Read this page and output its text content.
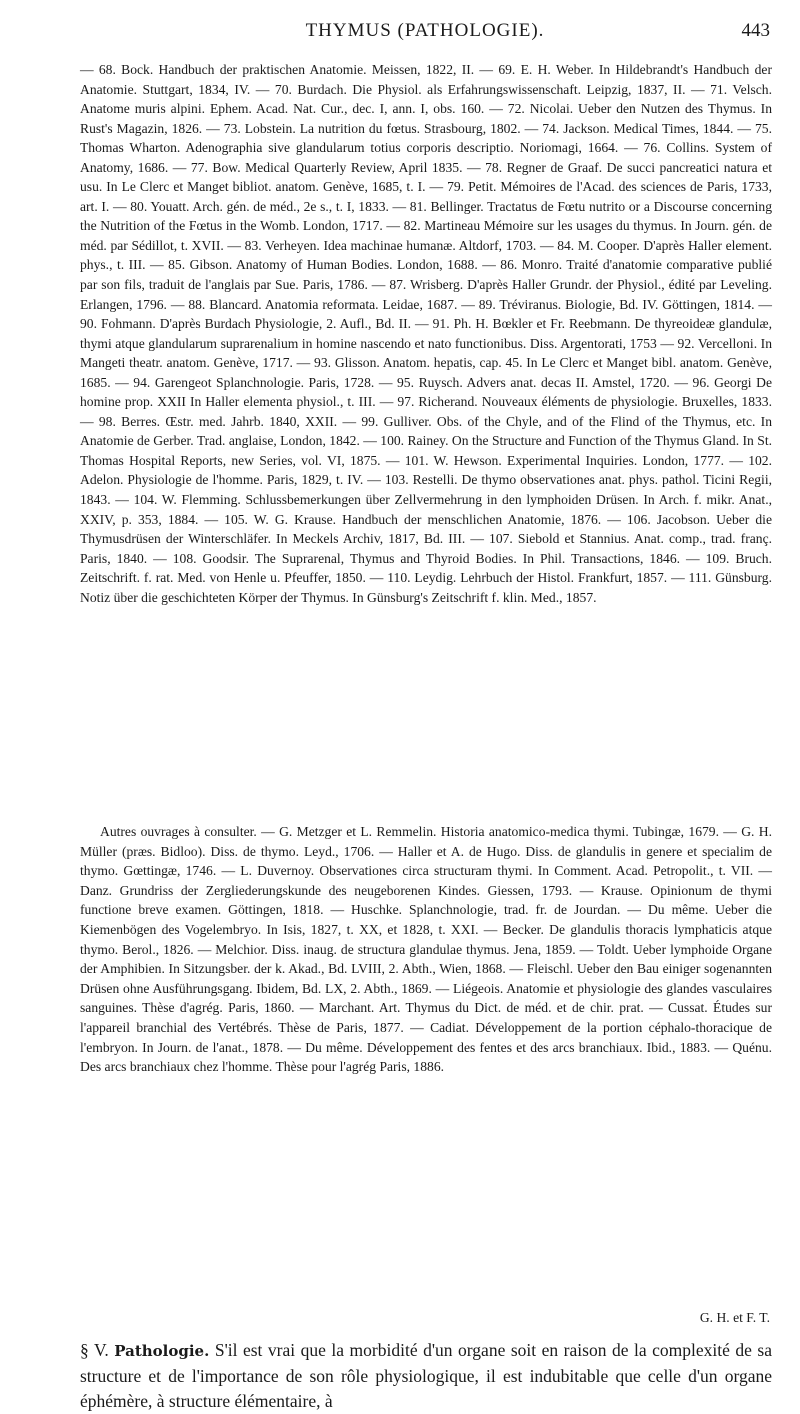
THYMUS (PATHOLOGIE).	443

— 68. Bock. Handbuch der praktischen Anatomie. Meissen, 1822, II. — 69. E. H. Weber. In Hildebrandt's Handbuch der Anatomie. Stuttgart, 1834, IV. — 70. Burdach. Die Physiol. als Erfahrungswissenschaft. Leipzig, 1837, II. — 71. Velsch. Anatome muris alpini. Ephem. Acad. Nat. Cur., dec. I, ann. I, obs. 160. — 72. Nicolai. Ueber den Nutzen des Thymus. In Rust's Magazin, 1826. — 73. Lobstein. La nutrition du fœtus. Strasbourg, 1802. — 74. Jackson. Medical Times, 1844. — 75. Thomas Wharton. Adenographia sive glandularum totius corporis descriptio. Noriomagi, 1664. — 76. Collins. System of Anatomy, 1686. — 77. Bow. Medical Quarterly Review, April 1835. — 78. Regner de Graaf. De succi pancreatici natura et usu. In Le Clerc et Manget bibliot. anatom. Genève, 1685, t. I. — 79. Petit. Mémoires de l'Acad. des sciences de Paris, 1733, art. I. — 80. Youatt. Arch. gén. de méd., 2e s., t. I, 1833. — 81. Bellinger. Tractatus de Fœtu nutrito or a Discourse concerning the Nutrition of the Fœtus in the Womb. London, 1717. — 82. Martineau Mémoire sur les usages du thymus. In Journ. gén. de méd. par Sédillot, t. XVII. — 83. Verheyen. Idea machinae humanæ. Altdorf, 1703. — 84. M. Cooper. D'après Haller element. phys., t. III. — 85. Gibson. Anatomy of Human Bodies. London, 1688. — 86. Monro. Traité d'anatomie comparative publié par son fils, traduit de l'anglais par Sue. Paris, 1786. — 87. Wrisberg. D'après Haller Grundr. der Physiol., édité par Leveling. Erlangen, 1796. — 88. Blancard. Anatomia reformata. Leidae, 1687. — 89. Tréviranus. Biologie, Bd. IV. Göttingen, 1814. — 90. Fohmann. D'après Burdach Physiologie, 2. Aufl., Bd. II. — 91. Ph. H. Bœkler et Fr. Reebmann. De thyreoideæ glandulæ, thymi atque glandularum suprarenalium in homine nascendo et nato functionibus. Diss. Argentorati, 1753 — 92. Vercelloni. In Mangeti theatr. anatom. Genève, 1717. — 93. Glisson. Anatom. hepatis, cap. 45. In Le Clerc et Manget bibl. anatom. Genève, 1685. — 94. Garengeot Splanchnologie. Paris, 1728. — 95. Ruysch. Advers anat. decas II. Amstel, 1720. — 96. Georgi De homine prop. XXII In Haller elementa physiol., t. III. — 97. Richerand. Nouveaux éléments de physiologie. Bruxelles, 1833. — 98. Berres. Œstr. med. Jahrb. 1840, XXII. — 99. Gulliver. Obs. of the Chyle, and of the Flind of the Thymus, etc. In Anatomie de Gerber. Trad. anglaise, London, 1842. — 100. Rainey. On the Structure and Function of the Thymus Gland. In St. Thomas Hospital Reports, new Series, vol. VI, 1875. — 101. W. Hewson. Experimental Inquiries. London, 1777. — 102. Adelon. Physiologie de l'homme. Paris, 1829, t. IV. — 103. Restelli. De thymo observationes anat. phys. pathol. Ticini Regii, 1843. — 104. W. Flemming. Schlussbemerkungen über Zellvermehrung in den lymphoiden Drüsen. In Arch. f. mikr. Anat., XXIV, p. 353, 1884. — 105. W. G. Krause. Handbuch der menschlichen Anatomie, 1876. — 106. Jacobson. Ueber die Thymusdrüsen der Winterschläfer. In Meckels Archiv, 1817, Bd. III. — 107. Siebold et Stannius. Anat. comp., trad. franç. Paris, 1840. — 108. Goodsir. The Suprarenal, Thymus and Thyroid Bodies. In Phil. Transactions, 1846. — 109. Bruch. Zeitschrift. f. rat. Med. von Henle u. Pfeuffer, 1850. — 110. Leydig. Lehrbuch der Histol. Frankfurt, 1857. — 111. Günsburg. Notiz über die geschichteten Körper der Thymus. In Günsburg's Zeitschrift f. klin. Med., 1857.

Autres ouvrages à consulter. — G. Metzger et L. Remmelin. Historia anatomico-medica thymi. Tubingæ, 1679. — G. H. Müller (præs. Bidloo). Diss. de thymo. Leyd., 1706. — Haller et A. de Hugo. Diss. de glandulis in genere et specialim de thymo. Gœttingæ, 1746. — L. Duvernoy. Observationes circa structuram thymi. In Comment. Acad. Petropolit., t. VII. — Danz. Grundriss der Zergliederungskunde des neugeborenen Kindes. Giessen, 1793. — Krause. Opinionum de thymi functione breve examen. Göttingen, 1818. — Huschke. Splanchnologie, trad. fr. de Jourdan. — Du même. Ueber die Kiemenbögen des Vogelembryo. In Isis, 1827, t. XX, et 1828, t. XXI. — Becker. De glandulis thoracis lymphaticis atque thymo. Berol., 1826. — Melchior. Diss. inaug. de structura glandulae thymus. Jena, 1859. — Toldt. Ueber lymphoide Organe der Amphibien. In Sitzungsber. der k. Akad., Bd. LVIII, 2. Abth., Wien, 1868. — Fleischl. Ueber den Bau einiger sogenannten Drüsen ohne Ausführungsgang. Ibidem, Bd. LX, 2. Abth., 1869. — Liégeois. Anatomie et physiologie des glandes vasculaires sanguines. Thèse d'agrég. Paris, 1860. — Marchant. Art. Thymus du Dict. de méd. et de chir. prat. — Cussat. Études sur l'appareil branchial des Vertébrés. Thèse de Paris, 1877. — Cadiat. Développement de la portion céphalo-thoracique de l'embryon. In Journ. de l'anat., 1878. — Du même. Développement des fentes et des arcs branchiaux. Ibid., 1883. — Quénu. Des arcs branchiaux chez l'homme. Thèse pour l'agrég Paris, 1886.

G. H. et F. T.

§ V. Pathologie. S'il est vrai que la morbidité d'un organe soit en raison de la complexité de sa structure et de l'importance de son rôle physiologique, il est indubitable que celle d'un organe éphémère, à structure élémentaire, à
